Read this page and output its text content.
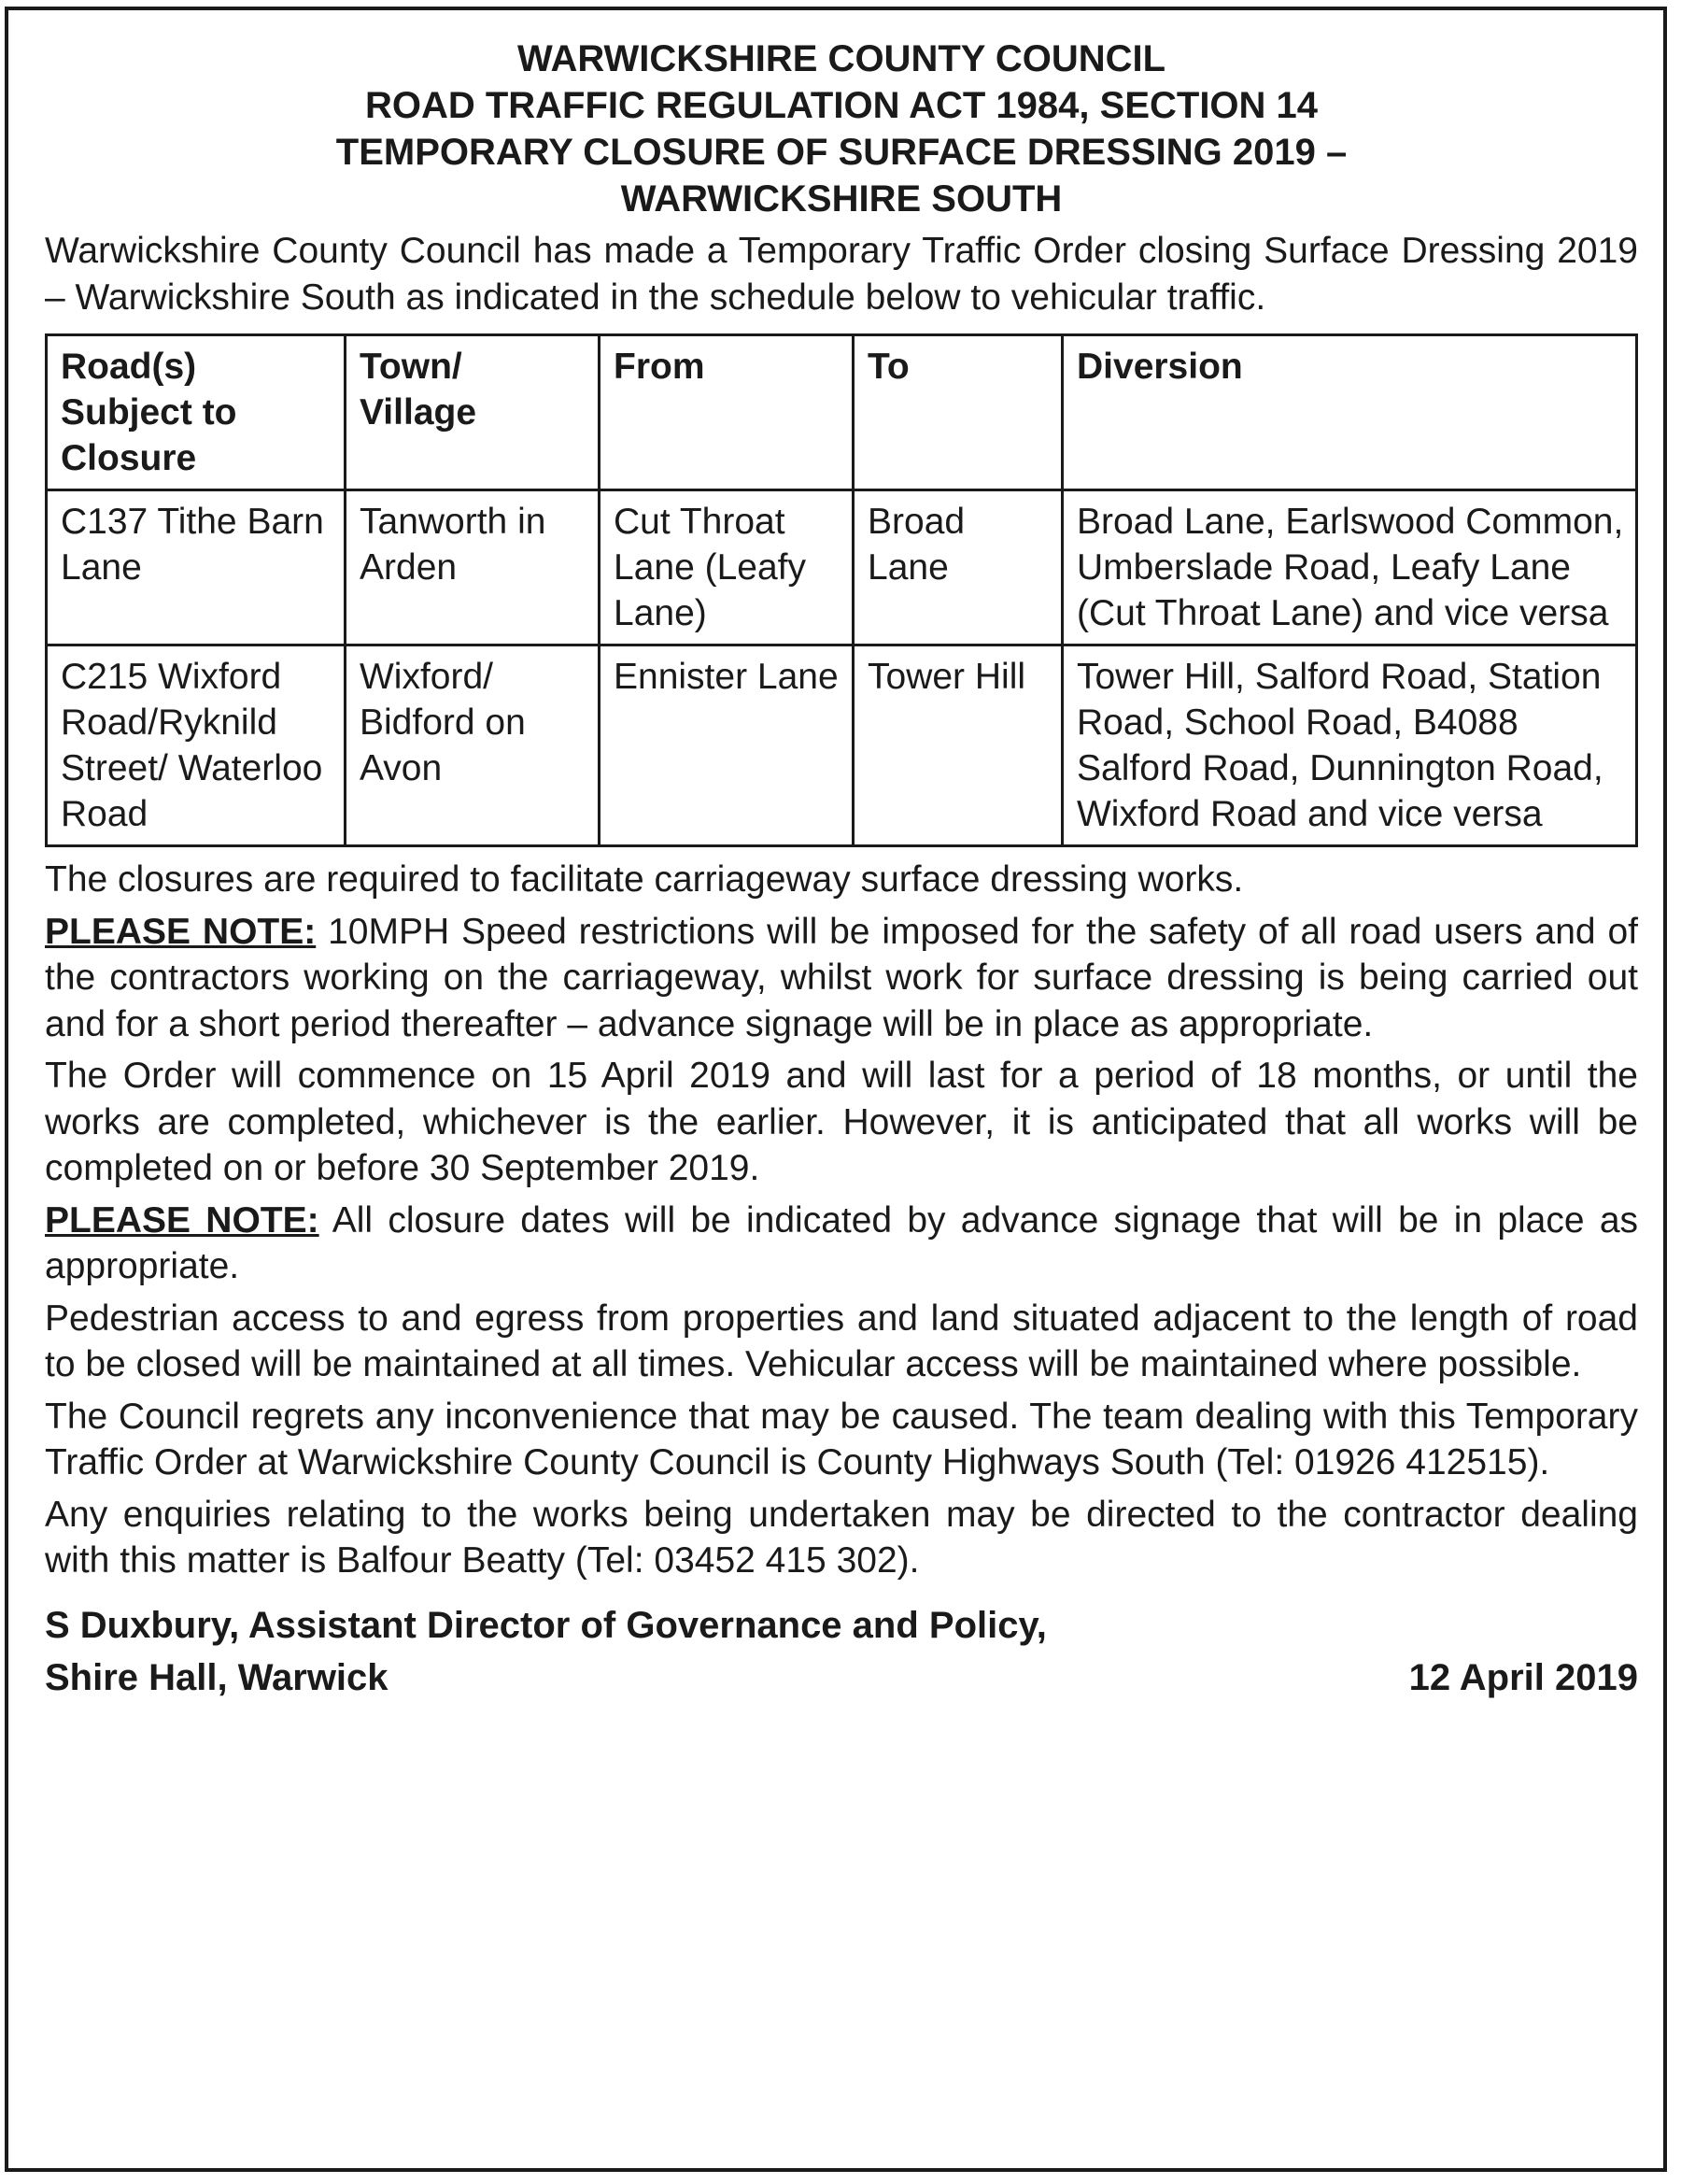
WARWICKSHIRE COUNTY COUNCIL
ROAD TRAFFIC REGULATION ACT 1984, SECTION 14
TEMPORARY CLOSURE OF SURFACE DRESSING 2019 –
WARWICKSHIRE SOUTH

Warwickshire County Council has made a Temporary Traffic Order closing Surface Dressing 2019 – Warwickshire South as indicated in the schedule below to vehicular traffic.

Road(s) Subject to Closure	Town/ Village	From	To	Diversion
C137 Tithe Barn Lane	Tanworth in Arden	Cut Throat Lane (Leafy Lane)	Broad Lane	Broad Lane, Earlswood Common, Umberslade Road, Leafy Lane (Cut Throat Lane) and vice versa
C215 Wixford Road/Ryknild Street/ Waterloo Road	Wixford/ Bidford on Avon	Ennister Lane	Tower Hill	Tower Hill, Salford Road, Station Road, School Road, B4088 Salford Road, Dunnington Road, Wixford Road and vice versa

The closures are required to facilitate carriageway surface dressing works.

PLEASE NOTE: 10MPH Speed restrictions will be imposed for the safety of all road users and of the contractors working on the carriageway, whilst work for surface dressing is being carried out and for a short period thereafter – advance signage will be in place as appropriate.

The Order will commence on 15 April 2019 and will last for a period of 18 months, or until the works are completed, whichever is the earlier. However, it is anticipated that all works will be completed on or before 30 September 2019.

PLEASE NOTE: All closure dates will be indicated by advance signage that will be in place as appropriate.

Pedestrian access to and egress from properties and land situated adjacent to the length of road to be closed will be maintained at all times. Vehicular access will be maintained where possible.

The Council regrets any inconvenience that may be caused. The team dealing with this Temporary Traffic Order at Warwickshire County Council is County Highways South (Tel: 01926 412515).

Any enquiries relating to the works being undertaken may be directed to the contractor dealing with this matter is Balfour Beatty (Tel: 03452 415 302).

S Duxbury, Assistant Director of Governance and Policy,
Shire Hall, Warwick	12 April 2019
